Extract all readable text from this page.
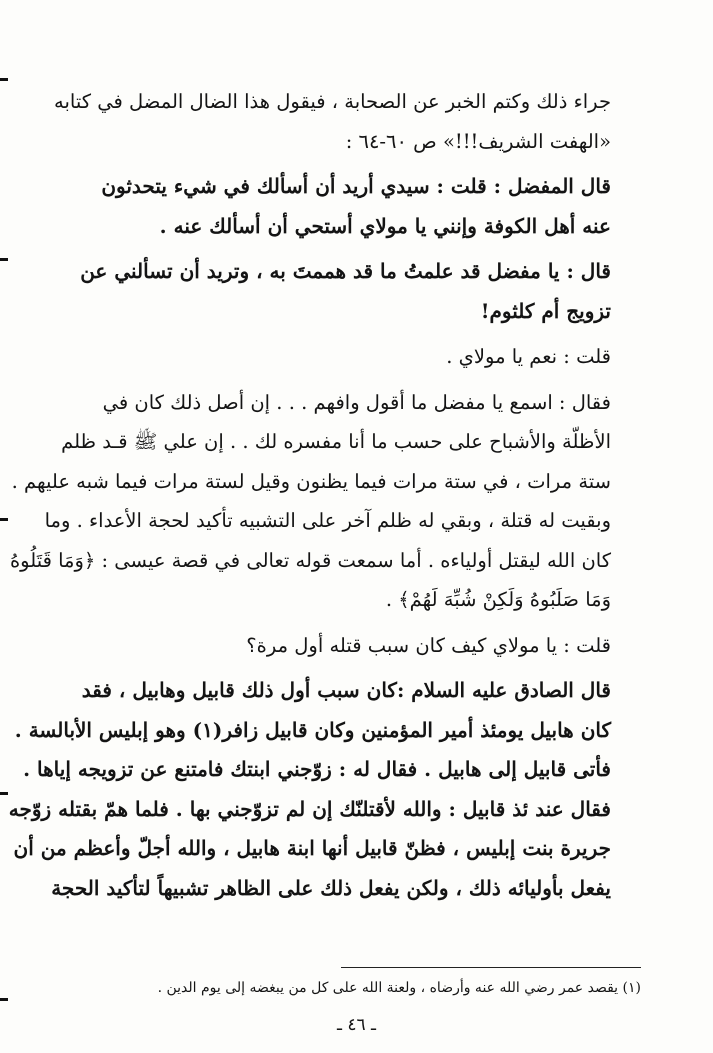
جراء ذلك وكتم الخبر عن الصحابة ، فيقول هذا الضال المضل في كتابه
«الهفت الشريف!!!» ص ٦٠-٦٤ :
قال المفضل : قلت : سيدي أريد أن أسألك في شيء يتحدثون
عنه أهل الكوفة وإنني يا مولاي أستحي أن أسألك عنه .
قال : يا مفضل قد علمتُ ما قد هممتَ به ، وتريد أن تسألني عن
تزويج أم كلثوم!
قلت : نعم يا مولاي .
فقال : اسمع يا مفضل ما أقول وافهم . . . إن أصل ذلك كان في
الأظلّة والأشباح على حسب ما أنا مفسره لك . . إن علي ﷺ قـد ظلم
ستة مرات ، في ستة مرات فيما يظنون وقيل لستة مرات فيما شبه عليهم .
وبقيت له قتلة ، وبقي له ظلم آخر على التشبيه تأكيد لحجة الأعداء . وما
كان الله ليقتل أولياءه . أما سمعت قوله تعالى في قصة عيسى : ﴿وَمَا قَتَلُوهُ
وَمَا صَلَبُوهُ وَلَكِنْ شُبِّهَ لَهُمْ﴾ .
قلت : يا مولاي كيف كان سبب قتله أول مرة؟
قال الصادق عليه السلام :كان سبب أول ذلك قابيل وهابيل ، فقد
كان هابيل يومئذ أمير المؤمنين وكان قابيل زافر(١) وهو إبليس الأبالسة .
فأتى قابيل إلى هابيل . فقال له : زوّجني ابنتك فامتنع عن تزويجه إياها .
فقال عند ئذ قابيل : والله لأقتلنّك إن لم تزوّجني بها . فلما همّ بقتله زوّجه
جريرة بنت إبليس ، فظنّ قابيل أنها ابنة هابيل ، والله أجلّ وأعظم من أن
يفعل بأوليائه ذلك ، ولكن يفعل ذلك على الظاهر تشبيهاً لتأكيد الحجة
(١) يقصد عمر رضي الله عنه وأرضاه ، ولعنة الله على كل من يبغضه إلى يوم الدين .
ـ ٤٦ ـ
